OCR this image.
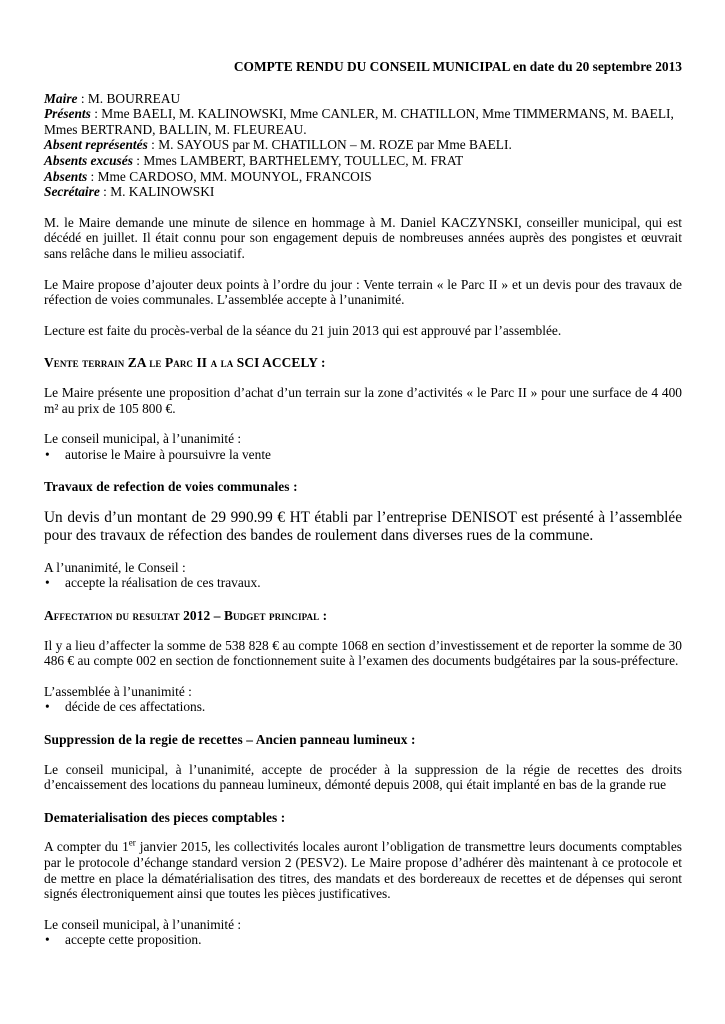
COMPTE RENDU DU CONSEIL MUNICIPAL en date du 20 septembre 2013
Maire : M. BOURREAU
Présents : Mme BAELI, M. KALINOWSKI, Mme CANLER, M. CHATILLON, Mme TIMMERMANS, M. BAELI, Mmes BERTRAND, BALLIN, M. FLEUREAU.
Absent représentés : M. SAYOUS par M. CHATILLON – M. ROZE par Mme BAELI.
Absents excusés : Mmes LAMBERT, BARTHELEMY, TOULLEC, M. FRAT
Absents : Mme CARDOSO, MM. MOUNYOL, FRANCOIS
Secrétaire : M. KALINOWSKI

M. le Maire demande une minute de silence en hommage à M. Daniel KACZYNSKI, conseiller municipal, qui est décédé en juillet. Il était connu pour son engagement depuis de nombreuses années auprès des pongistes et œuvrait sans relâche dans le milieu associatif.

Le Maire propose d’ajouter deux points à l’ordre du jour : Vente terrain « le Parc II » et un devis pour des travaux de réfection de voies communales. L’assemblée accepte à l’unanimité.

Lecture est faite du procès-verbal de la séance du 21 juin 2013 qui est approuvé par l’assemblée.

Vente terrain ZA le Parc II a la SCI ACCELY :

Le Maire présente une proposition d’achat d’un terrain sur la zone d’activités « le Parc II » pour une surface de 4 400 m² au prix de 105 800 €.

Le conseil municipal, à l’unanimité :

• autorise le Maire à poursuivre la vente
Travaux de refection de voies communales :

Un devis d’un montant de 29 990.99 € HT établi par l’entreprise DENISOT est présenté à l’assemblée pour des travaux de réfection des bandes de roulement dans diverses rues de la commune.

A l’unanimité, le Conseil :

• accepte la réalisation de ces travaux.
Affectation du resultat 2012 – Budget principal :

Il y a lieu d’affecter la somme de 538 828 € au compte 1068 en section d’investissement et de reporter la somme de 30 486 € au compte 002 en section de fonctionnement suite à l’examen des documents budgétaires par la sous-préfecture.

L’assemblée à l’unanimité :

• décide de ces affectations.
Suppression de la regie de recettes – Ancien panneau lumineux :

Le conseil municipal, à l’unanimité, accepte de procéder à la suppression de la régie de recettes des droits d’encaissement des locations du panneau lumineux, démonté depuis 2008, qui était implanté en bas de la grande rue

Dematerialisation des pieces comptables :

A compter du 1er janvier 2015, les collectivités locales auront l’obligation de transmettre leurs documents comptables par le protocole d’échange standard version 2 (PESV2). Le Maire propose d’adhérer dès maintenant à ce protocole et de mettre en place la dématérialisation des titres, des mandats et des bordereaux de recettes et de dépenses qui seront signés électroniquement ainsi que toutes les pièces justificatives.

Le conseil municipal, à l’unanimité :

• accepte cette proposition.
